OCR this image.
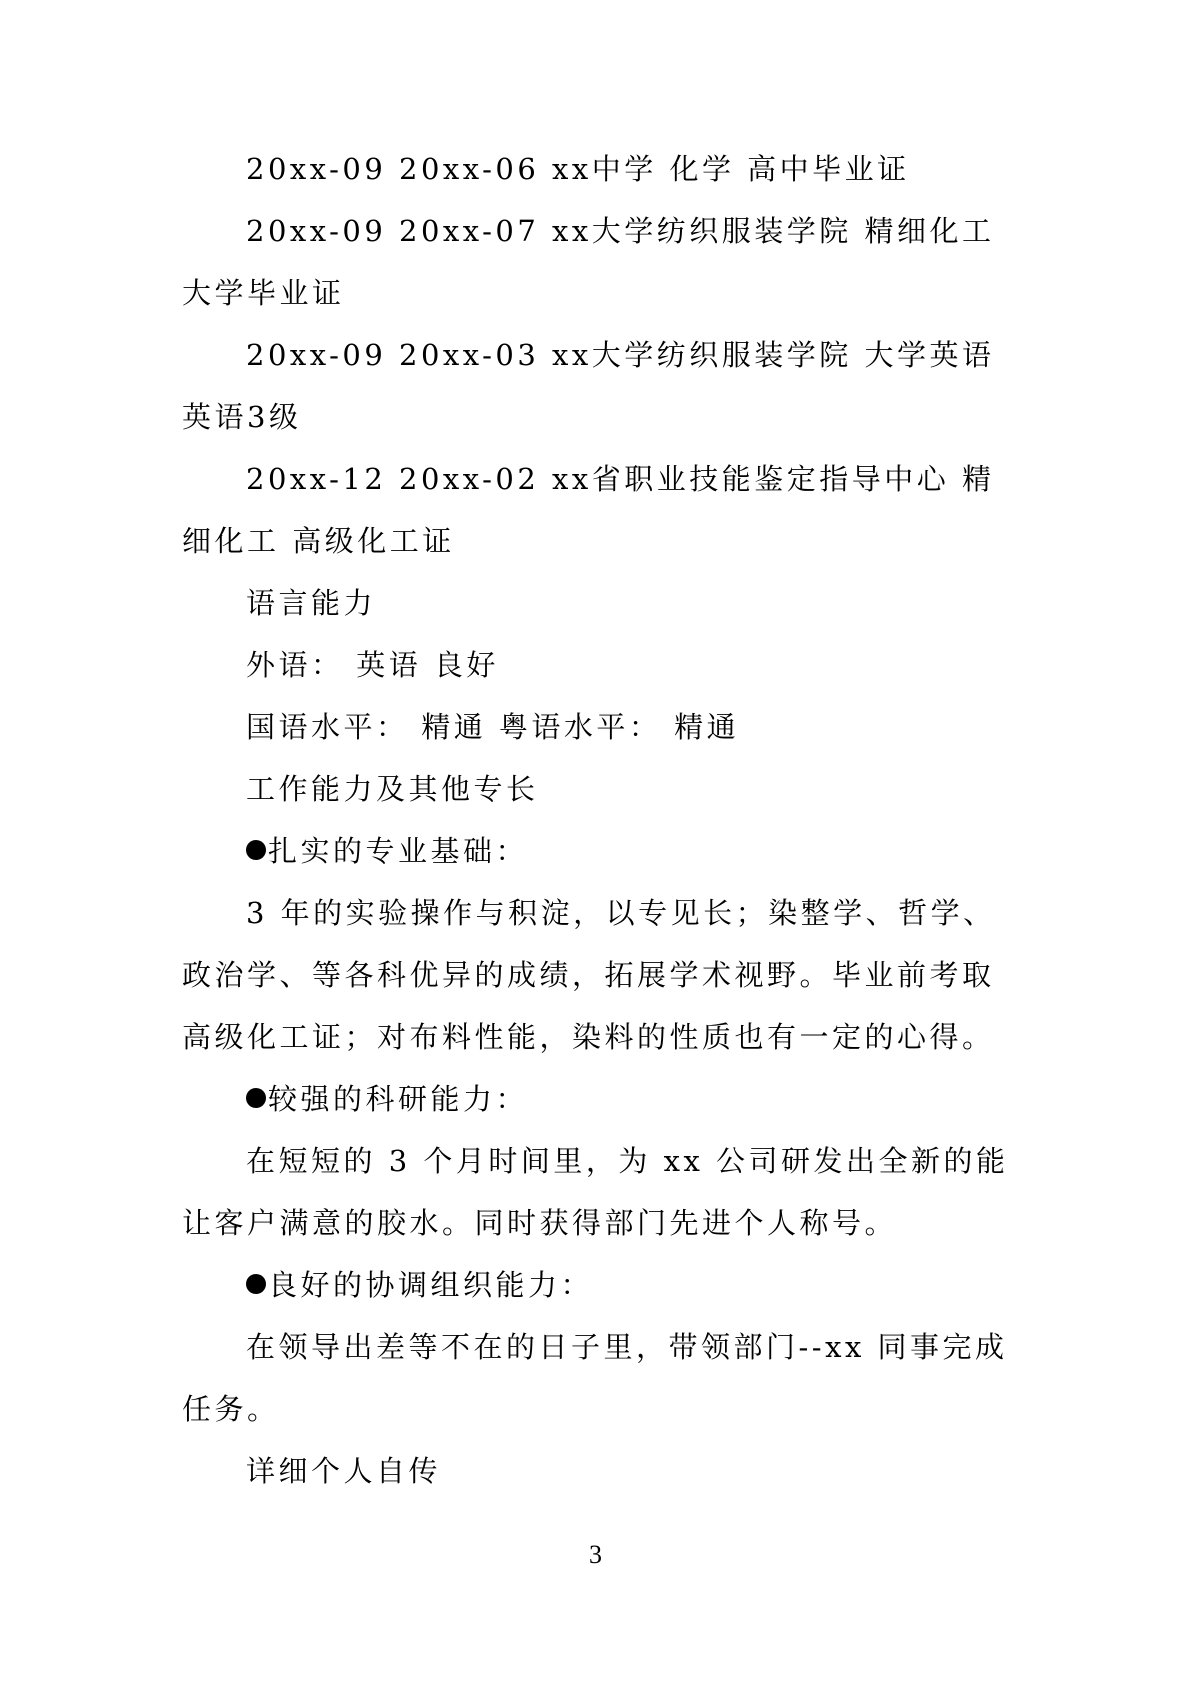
20xx-09 20xx-06 xx中学 化学 高中毕业证

20xx-09 20xx-07 xx大学纺织服装学院 精细化工 大学毕业证

20xx-09 20xx-03 xx大学纺织服装学院 大学英语 英语3级

20xx-12 20xx-02 xx省职业技能鉴定指导中心 精细化工 高级化工证

语言能力

外语： 英语 良好

国语水平： 精通 粤语水平： 精通

工作能力及其他专长

扎实的专业基础：

3 年的实验操作与积淀，以专见长；染整学、哲学、政治学、等各科优异的成绩，拓展学术视野。毕业前考取高级化工证；对布料性能，染料的性质也有一定的心得。

较强的科研能力：

在短短的 3 个月时间里，为 xx 公司研发出全新的能让客户满意的胶水。同时获得部门先进个人称号。

良好的协调组织能力：

在领导出差等不在的日子里，带领部门--xx 同事完成任务。

详细个人自传

3
